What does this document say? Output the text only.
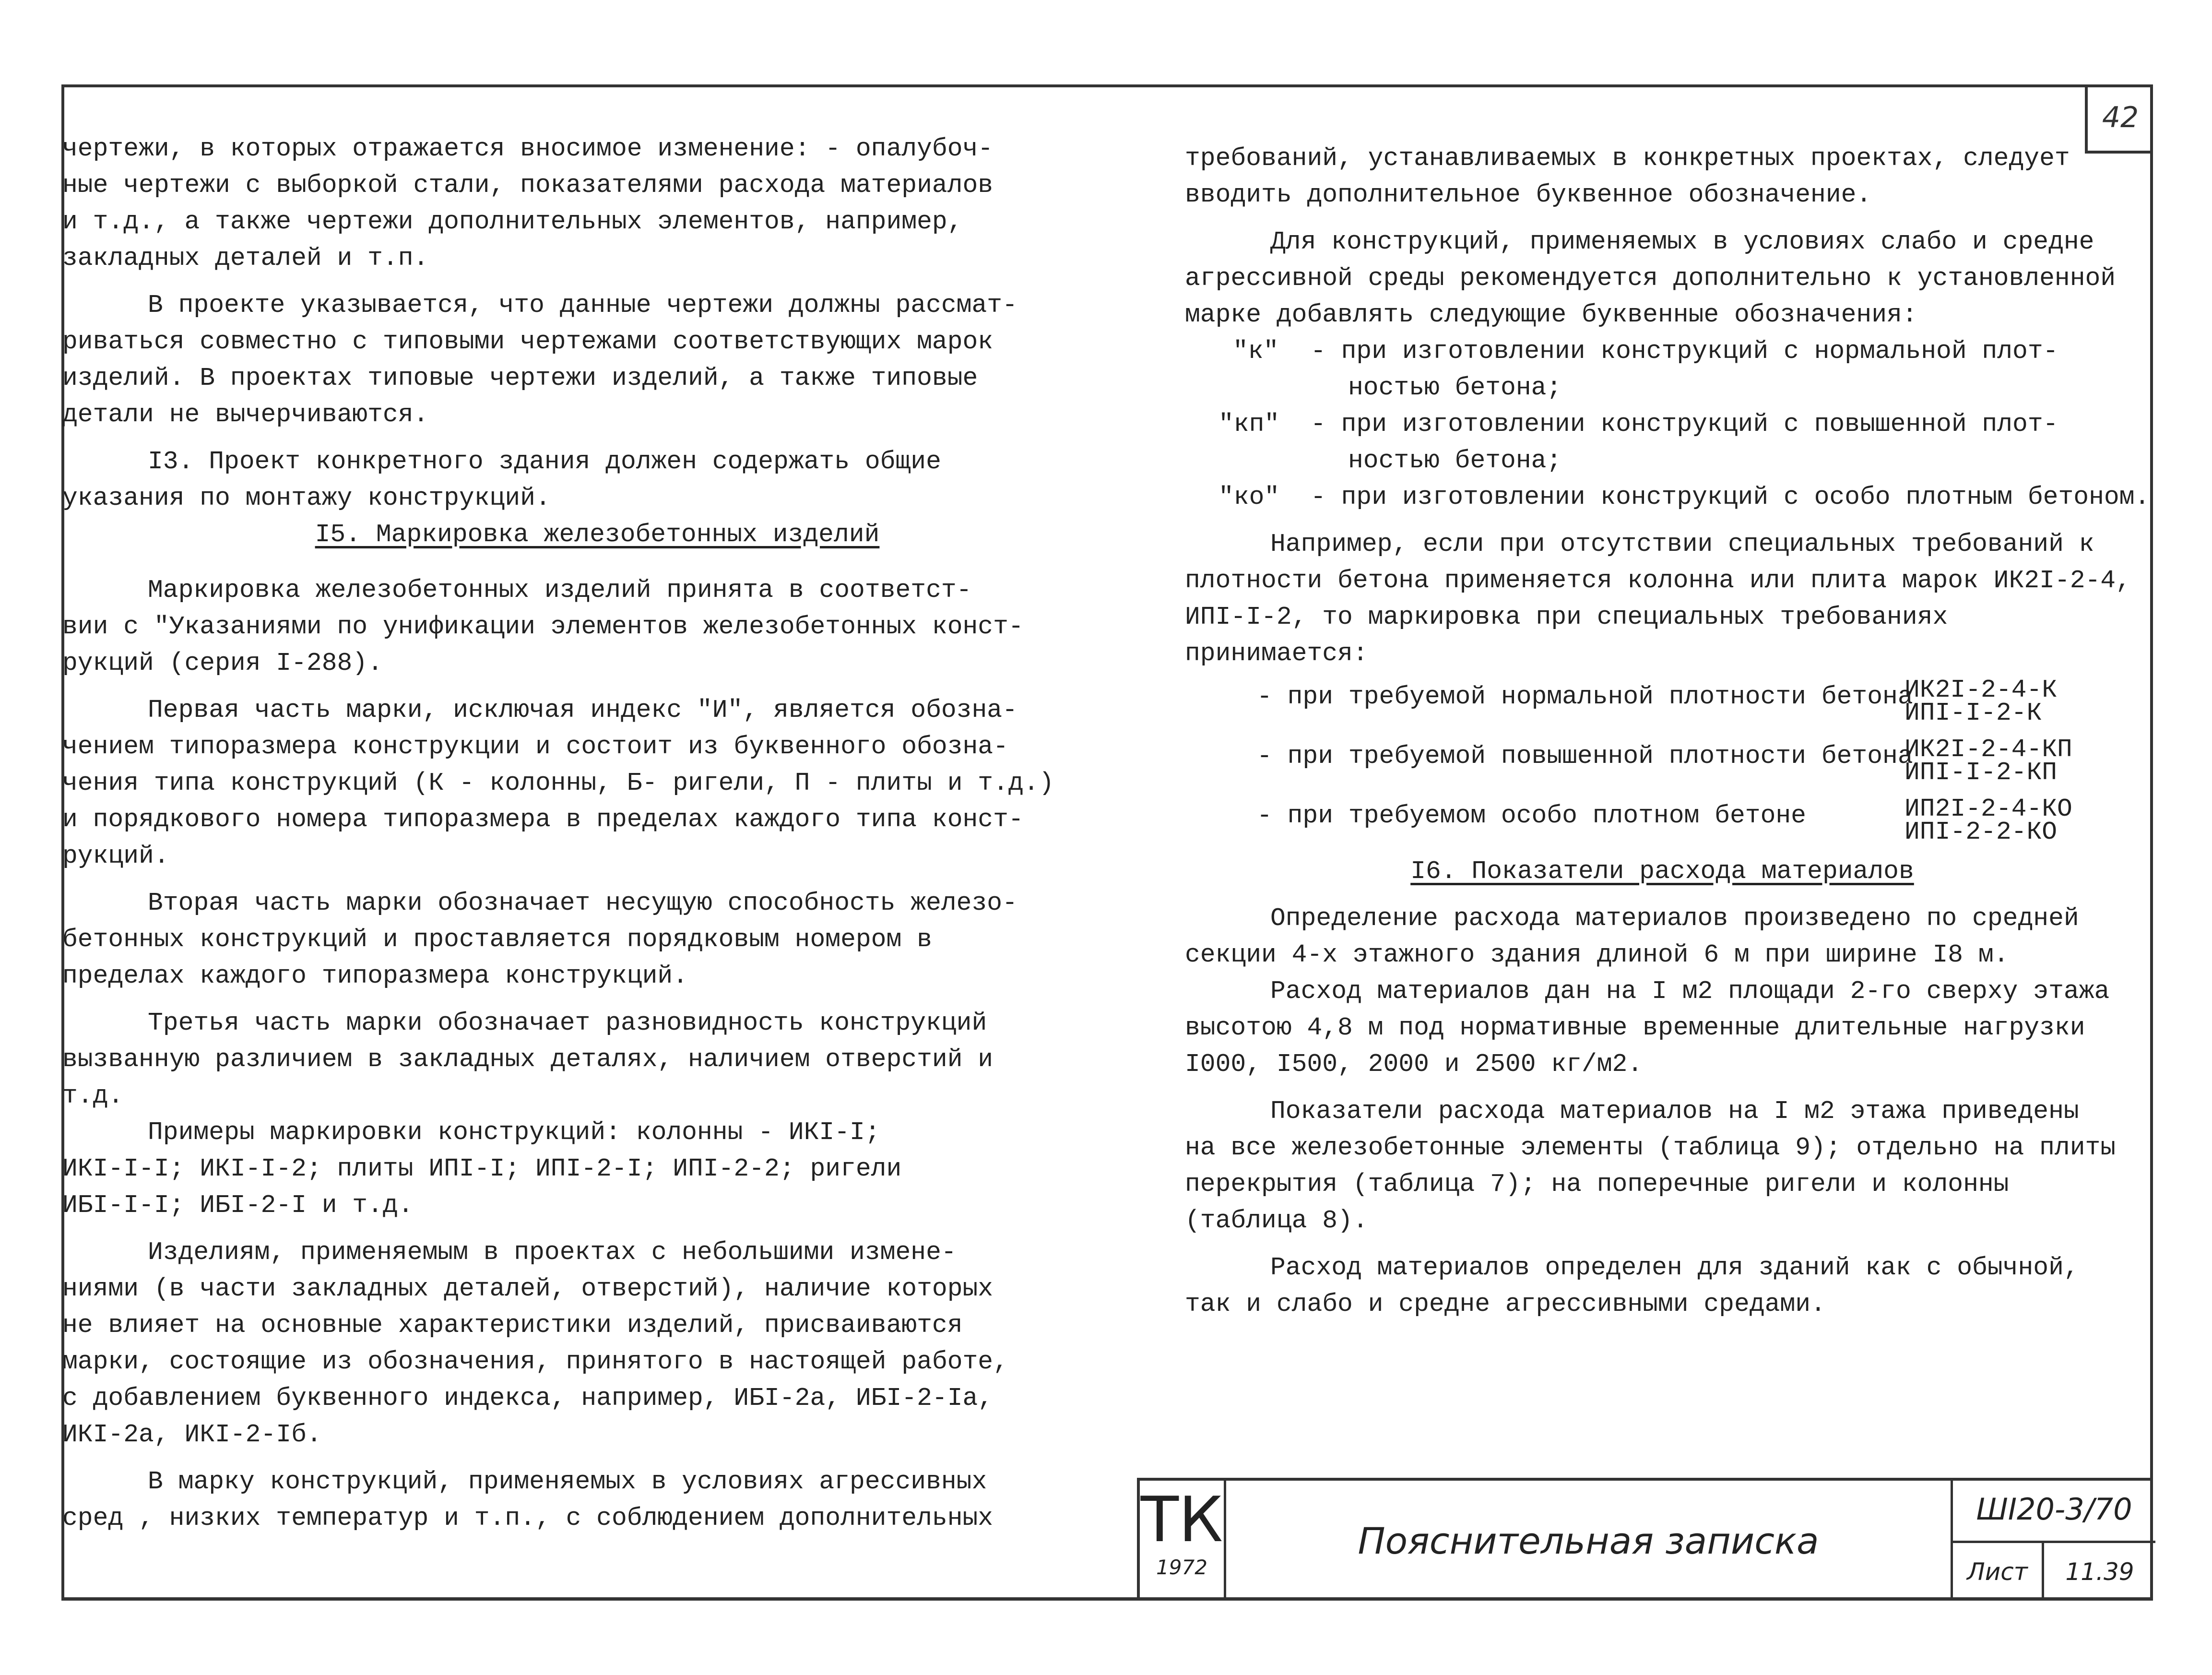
42
чертежи, в которых отражается вносимое изменение: - опалубоч-
ные чертежи с выборкой стали, показателями расхода материалов
и т.д., а также чертежи дополнительных элементов, например,
закладных деталей и т.п.
В проекте указывается, что данные чертежи должны рассмат-
риваться совместно с типовыми чертежами соответствующих марок
изделий. В проектах типовые чертежи изделий, а также типовые
детали не вычерчиваются.
I3. Проект конкретного здания должен содержать общие
указания по монтажу конструкций.
I5. Маркировка железобетонных изделий
Маркировка железобетонных изделий принята в соответст-
вии с "Указаниями по унификации элементов железобетонных конст-
рукций (серия I-288).
Первая часть марки, исключая индекс "И", является обозна-
чением типоразмера конструкции и состоит из буквенного обозна-
чения типа конструкций (К - колонны, Б- ригели, П - плиты и т.д.)
и порядкового номера типоразмера в пределах каждого типа конст-
рукций.
Вторая часть марки обозначает несущую способность железо-
бетонных конструкций и проставляется порядковым номером в
пределах каждого типоразмера конструкций.
Третья часть марки обозначает разновидность конструкций
вызванную различием в закладных деталях, наличием отверстий и
т.д.
Примеры маркировки конструкций: колонны - ИКI-I;
ИКI-I-I; ИКI-I-2; плиты ИПI-I; ИПI-2-I; ИПI-2-2; ригели
ИБI-I-I; ИБI-2-I и т.д.
Изделиям, применяемым в проектах с небольшими измене-
ниями (в части закладных деталей, отверстий), наличие которых
не влияет на основные характеристики изделий, присваиваются
марки, состоящие из обозначения, принятого в настоящей работе,
с добавлением буквенного индекса, например, ИБI-2а, ИБI-2-Iа,
ИКI-2а, ИКI-2-Iб.
В марку конструкций, применяемых в условиях агрессивных
сред , низких температур и т.п., с соблюдением дополнительных
требований, устанавливаемых в конкретных проектах, следует
вводить дополнительное буквенное обозначение.
Для конструкций, применяемых в условиях слабо и средне
агрессивной среды рекомендуется дополнительно к установленной
марке добавлять следующие буквенные обозначения:
"к" - при изготовлении конструкций с нормальной плот-
ностью бетона;
"кп" - при изготовлении конструкций с повышенной плот-
ностью бетона;
"ко" - при изготовлении конструкций с особо плотным бетоном.
Например, если при отсутствии специальных требований к
плотности бетона применяется колонна или плита марок ИК2I-2-4,
ИПI-I-2, то маркировка при специальных требованиях принимается:
- при требуемой нормальной плотности бетона
ИК2I-2-4-К
ИПI-I-2-К
- при требуемой повышенной плотности бетона
ИК2I-2-4-КП
ИПI-I-2-КП
- при требуемом особо плотном бетоне	ИП2I-2-4-КО
ИПI-2-2-КО
I6. Показатели расхода материалов
Определение расхода материалов произведено по средней
секции 4-х этажного здания длиной 6 м при ширине I8 м.
Расход материалов дан на I м2 площади 2-го сверху этажа
высотою 4,8 м под нормативные временные длительные нагрузки
I000, I500, 2000 и 2500 кг/м2.
Показатели расхода материалов на I м2 этажа приведены
на все железобетонные элементы (таблица 9); отдельно на плиты
перекрытия (таблица 7); на поперечные ригели и колонны
(таблица 8).
Расход материалов определен для зданий как с обычной,
так и слабо и средне агрессивными средами.
ТК
1972
Пояснительная записка
ШI20-3/70
Лист	11.39
